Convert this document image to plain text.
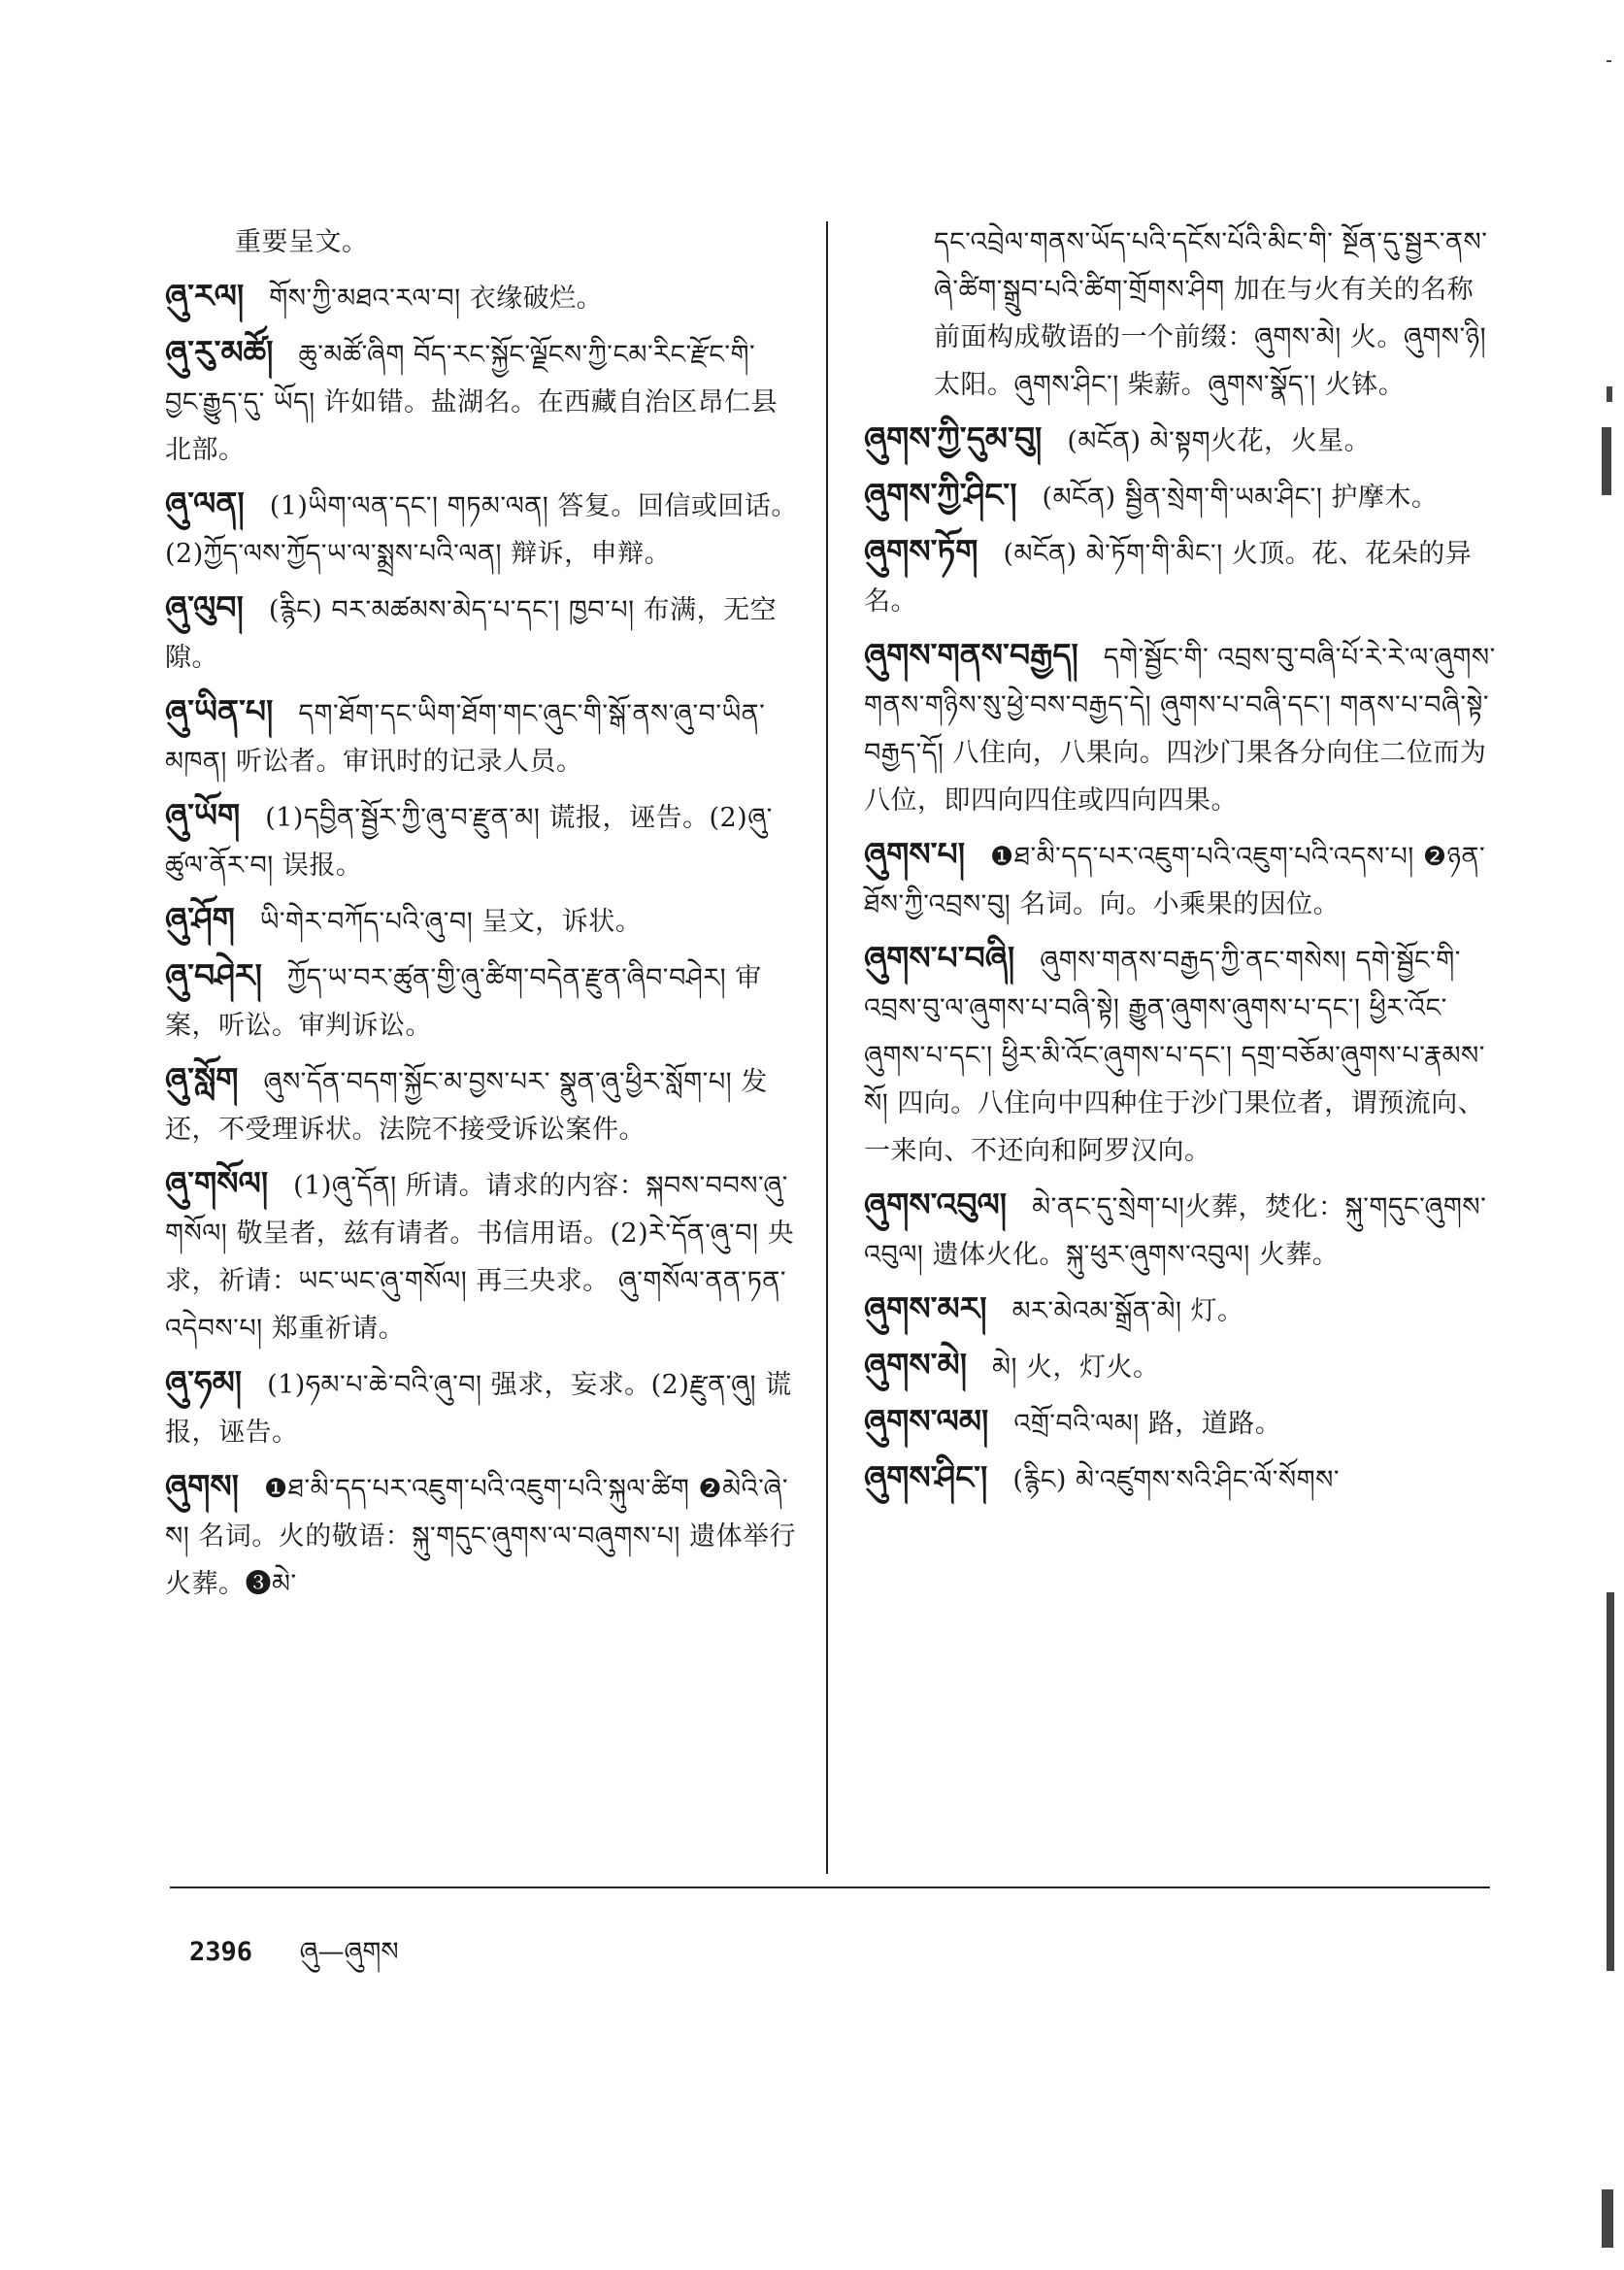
重要呈文。
ཞུ་རལ། གོས་ཀྱི་མཐའ་རལ་བ། 衣缘破烂。
ཞུ་རུ་མཚོ། ཆུ་མཚོ་ཞིག བོད་རང་སྐྱོང་ལྗོངས་ཀྱི་ངམ་རིང་རྫོང་གི་ བྱང་རྒྱུད་དུ་ ཡོད། 许如错。盐湖名。在西藏自治区昂仁县北部。
ཞུ་ལན། (1)ཡིག་ལན་དང་། གཏམ་ལན། 答复。回信或回话。 (2)ཀྱོད་ལས་ཀྱོད་ཡ་ལ་སྨྲས་པའི་ལན། 辩诉，申辩。
ཞུ་ལུབ། (རྙིང) བར་མཚམས་མེད་པ་དང་། ཁྱབ་པ། 布满，无空隙。
ཞུ་ཡིན་པ། དག་ཐོག་དང་ཡིག་ཐོག་གང་ཞུང་གི་སྒོ་ནས་ཞུ་བ་ཡིན་མཁན། 听讼者。审讯时的记录人员。
ཞུ་ཡོག (1)དབྱིན་སྦྱོར་ཀྱི་ཞུ་བ་རྫུན་མ། 谎报，诬告。(2)ཞུ་ཚུལ་ནོར་བ། 误报。
ཞུ་ཤོག ཡི་གེར་བཀོད་པའི་ཞུ་བ། 呈文，诉状。
ཞུ་བཤེར། ཀྱོད་ཡ་བར་ཚུན་གྱི་ཞུ་ཚིག་བདེན་རྫུན་ཞིབ་བཤེར། 审案，听讼。审判诉讼。
ཞུ་སློག ཞུས་དོན་བདག་སྐྱོང་མ་བྱས་པར་ སྣུན་ཞུ་ཕྱིར་སློག་པ། 发还，不受理诉状。法院不接受诉讼案件。
ཞུ་གསོལ། (1)ཞུ་དོན། 所请。请求的内容：སྐབས་བབས་ཞུ་གསོལ། 敬呈者，兹有请者。书信用语。(2)རེ་དོན་ཞུ་བ། 央求，祈请：ཡང་ཡང་ཞུ་གསོལ། 再三央求。 ཞུ་གསོལ་ནན་ཏན་འདེབས་པ། 郑重祈请。
ཞུ་ཧམ། (1)ཧམ་པ་ཆེ་བའི་ཞུ་བ། 强求，妄求。(2)རྫུན་ཞུ། 谎报，诬告。
ཞུགས། ❶ཐ་མི་དད་པར་འཇུག་པའི་འཇུག་པའི་སྐུལ་ཚིག ❷མེའི་ཞེ་ས། 名词。火的敬语：སྐུ་གདུང་ཞུགས་ལ་བཞུགས་པ། 遗体举行火葬。❸མེ་
དང་འབྲེལ་གནས་ཡོད་པའི་དངོས་པོའི་མིང་གི་ སྔོན་དུ་སྦྱར་ནས་ཞེ་ཚིག་སྒྲུབ་པའི་ཚིག་གྲོགས་ཤིག 加在与火有关的名称前面构成敬语的一个前缀：ཞུགས་མེ། 火。ཞུགས་ཉི། 太阳。ཞུགས་ཤིང་། 柴薪。ཞུགས་སྣོད་། 火钵。
ཞུགས་ཀྱི་དུམ་བུ། (མངོན) མེ་སྟག火花，火星。
ཞུགས་ཀྱི་ཤིང་། (མངོན) སྦྱིན་སྲེག་གི་ཡམ་ཤིང་། 护摩木。
ཞུགས་ཏོག (མངོན) མེ་ཏོག་གི་མིང་། 火顶。花、花朵的异名。
ཞུགས་གནས་བརྒྱད། དགེ་སྦྱོང་གི་ འབྲས་བུ་བཞི་པོ་རེ་རེ་ལ་ཞུགས་གནས་གཉིས་སུ་ཕྱེ་བས་བརྒྱད་དེ། ཞུགས་པ་བཞི་དང་། གནས་པ་བཞི་སྟེ་བརྒྱད་དོ། 八住向，八果向。四沙门果各分向住二位而为八位，即四向四住或四向四果。
ཞུགས་པ། ❶ཐ་མི་དད་པར་འཇུག་པའི་འཇུག་པའི་འདས་པ། ❷ཉན་ཐོས་ཀྱི་འབྲས་བུ། 名词。向。小乘果的因位。
ཞུགས་པ་བཞི། ཞུགས་གནས་བརྒྱད་ཀྱི་ནང་གསེས། དགེ་སྦྱོང་གི་འབྲས་བུ་ལ་ཞུགས་པ་བཞི་སྟེ། རྒྱུན་ཞུགས་ཞུགས་པ་དང་། ཕྱིར་འོང་ཞུགས་པ་དང་། ཕྱིར་མི་འོང་ཞུགས་པ་དང་། དགྲ་བཅོམ་ཞུགས་པ་རྣམས་སོ། 四向。八住向中四种住于沙门果位者，谓预流向、一来向、不还向和阿罗汉向。
ཞུགས་འབུལ། མེ་ནང་དུ་སྲེག་པ།火葬，焚化：སྐུ་གདུང་ཞུགས་འབུལ། 遗体火化。སྐུ་ཕུར་ཞུགས་འབུལ། 火葬。
ཞུགས་མར། མར་མེའམ་སྒྲོན་མེ། 灯。
ཞུགས་མེ། མེ། 火，灯火。
ཞུགས་ལམ། འགྲོ་བའི་ལམ། 路，道路。
ཞུགས་ཤིང་། (རྙིང) མེ་འཛུགས་སའི་ཤིང་ལོ་སོགས་
2396 ཞུ—ཞུགས
